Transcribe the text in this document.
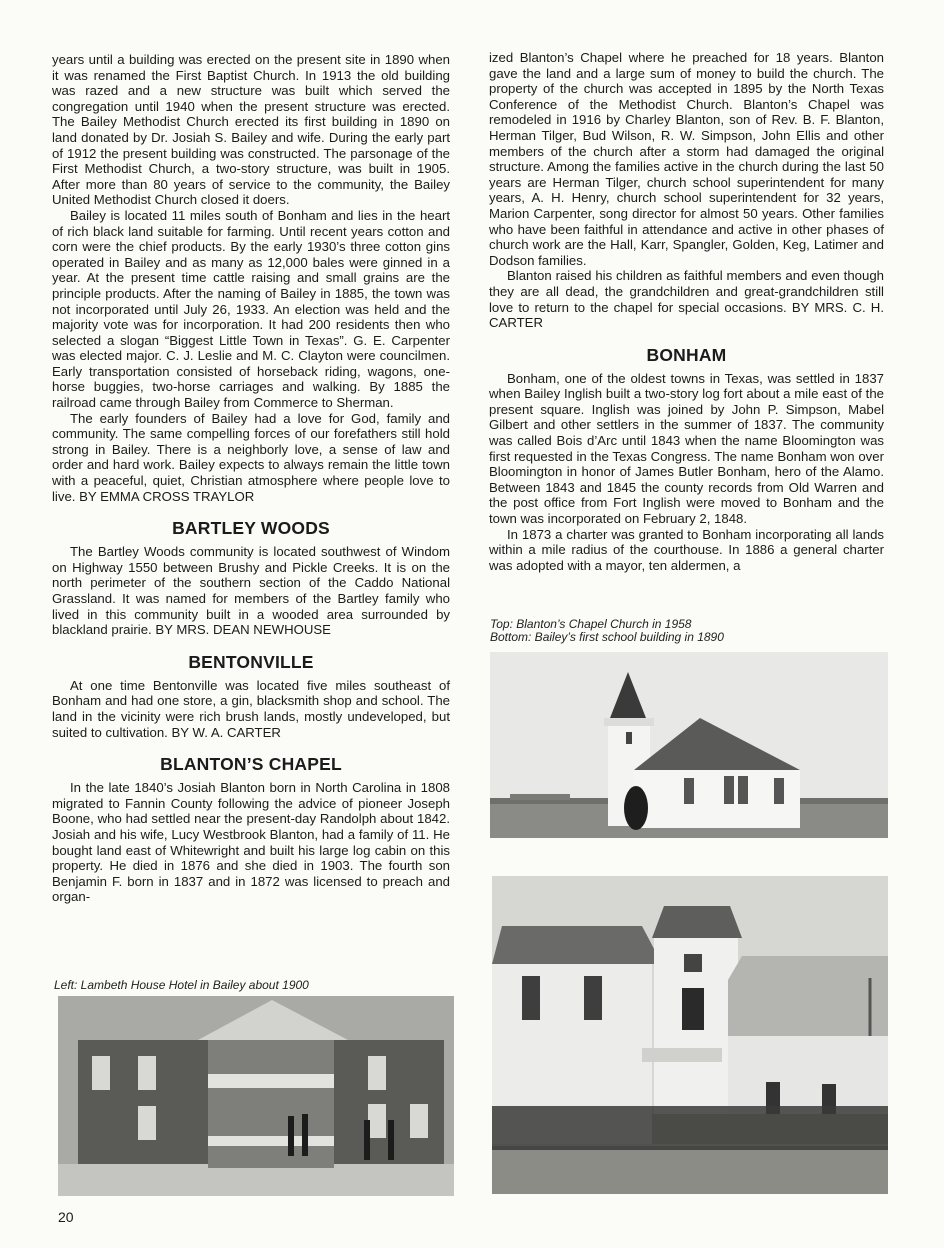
years until a building was erected on the present site in 1890 when it was renamed the First Baptist Church. In 1913 the old building was razed and a new structure was built which served the congregation until 1940 when the present structure was erected. The Bailey Methodist Church erected its first building in 1890 on land donated by Dr. Josiah S. Bailey and wife. During the early part of 1912 the present building was constructed. The parsonage of the First Methodist Church, a two-story structure, was built in 1905. After more than 80 years of service to the community, the Bailey United Methodist Church closed it doers.

Bailey is located 11 miles south of Bonham and lies in the heart of rich black land suitable for farming. Until recent years cotton and corn were the chief products. By the early 1930’s three cotton gins operated in Bailey and as many as 12,000 bales were ginned in a year. At the present time cattle raising and small grains are the principle products. After the naming of Bailey in 1885, the town was not incorporated until July 26, 1933. An election was held and the majority vote was for incorporation. It had 200 residents then who selected a slogan “Biggest Little Town in Texas”. G. E. Carpenter was elected major. C. J. Leslie and M. C. Clayton were councilmen. Early transportation consisted of horseback riding, wagons, one-horse buggies, two-horse carriages and walking. By 1885 the railroad came through Bailey from Commerce to Sherman.

The early founders of Bailey had a love for God, family and community. The same compelling forces of our forefathers still hold strong in Bailey. There is a neighborly love, a sense of law and order and hard work. Bailey expects to always remain the little town with a peaceful, quiet, Christian atmosphere where people love to live. BY EMMA CROSS TRAYLOR

BARTLEY WOODS

The Bartley Woods community is located southwest of Windom on Highway 1550 between Brushy and Pickle Creeks. It is on the north perimeter of the southern section of the Caddo National Grassland. It was named for members of the Bartley family who lived in this community built in a wooded area surrounded by blackland prairie. BY MRS. DEAN NEWHOUSE

BENTONVILLE

At one time Bentonville was located five miles southeast of Bonham and had one store, a gin, blacksmith shop and school. The land in the vicinity were rich brush lands, mostly undeveloped, but suited to cultivation. BY W. A. CARTER

BLANTON’S CHAPEL

In the late 1840’s Josiah Blanton born in North Carolina in 1808 migrated to Fannin County following the advice of pioneer Joseph Boone, who had settled near the present-day Randolph about 1842. Josiah and his wife, Lucy Westbrook Blanton, had a family of 11. He bought land east of Whitewright and built his large log cabin on this property. He died in 1876 and she died in 1903. The fourth son Benjamin F. born in 1837 and in 1872 was licensed to preach and organ-

ized Blanton’s Chapel where he preached for 18 years. Blanton gave the land and a large sum of money to build the church. The property of the church was accepted in 1895 by the North Texas Conference of the Methodist Church. Blanton’s Chapel was remodeled in 1916 by Charley Blanton, son of Rev. B. F. Blanton, Herman Tilger, Bud Wilson, R. W. Simpson, John Ellis and other members of the church after a storm had damaged the original structure. Among the families active in the church during the last 50 years are Herman Tilger, church school superintendent for many years, A. H. Henry, church school superintendent for 32 years, Marion Carpenter, song director for almost 50 years. Other families who have been faithful in attendance and active in other phases of church work are the Hall, Karr, Spangler, Golden, Keg, Latimer and Dodson families.

Blanton raised his children as faithful members and even though they are all dead, the grandchildren and great-grandchildren still love to return to the chapel for special occasions. BY MRS. C. H. CARTER

BONHAM

Bonham, one of the oldest towns in Texas, was settled in 1837 when Bailey Inglish built a two-story log fort about a mile east of the present square. Inglish was joined by John P. Simpson, Mabel Gilbert and other settlers in the summer of 1837. The community was called Bois d’Arc until 1843 when the name Bloomington was first requested in the Texas Congress. The name Bonham won over Bloomington in honor of James Butler Bonham, hero of the Alamo. Between 1843 and 1845 the county records from Old Warren and the post office from Fort Inglish were moved to Bonham and the town was incorporated on February 2, 1848.

In 1873 a charter was granted to Bonham incorporating all lands within a mile radius of the courthouse. In 1886 a general charter was adopted with a mayor, ten aldermen, a

Top: Blanton’s Chapel Church in 1958
Bottom: Bailey’s first school building in 1890
Left: Lambeth House Hotel in Bailey about 1900
20
